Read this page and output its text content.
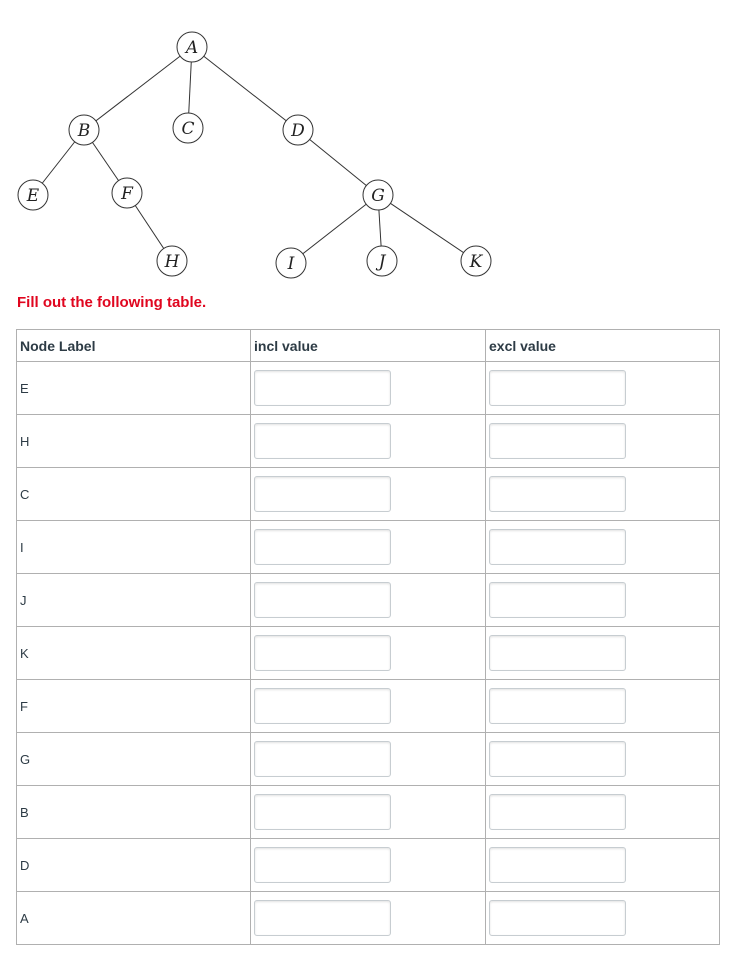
A
B	C	D
E	F	G
H	I	J	K

Fill out the following table.

Node Label	incl value	excl value
E	

H	

C	

I	

J	

K	

F	

G	

B	

D	

A	
